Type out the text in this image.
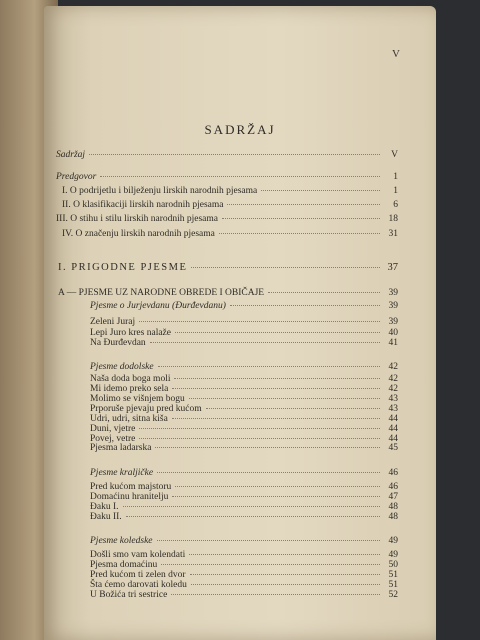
V
SADRŽAJ
Sadržaj	V
Predgovor	1
I. O podrijetlu i bilježenju lirskih narodnih pjesama	1
II. O klasifikaciji lirskih narodnih pjesama	6
III. O stihu i stilu lirskih narodnih pjesama	18
IV. O značenju lirskih narodnih pjesama	31
I. PRIGODNE PJESME	37
A — PJESME UZ NARODNE OBREDE I OBIČAJE	39
Pjesme o Jurjevdanu (Đurđevdanu)	39
Zeleni Juraj	39
Lepi Juro kres nalaže	40
Na Đurđevdan	41
Pjesme dodolske	42
Naša doda boga moli	42
Mi idemo preko sela	42
Molimo se višnjem bogu	43
Prporuše pjevaju pred kućom	43
Udri, udri, sitna kiša	44
Duni, vjetre	44
Povej, vetre	44
Pjesma ladarska	45
Pjesme kraljičke	46
Pred kućom majstoru	46
Domaćinu hranitelju	47
Đaku I.	48
Đaku II.	48
Pjesme koledske	49
Došli smo vam kolendati	49
Pjesma domaćinu	50
Pred kućom ti zelen dvor	51
Šta ćemo darovati koledu	51
U Božića tri sestrice	52
